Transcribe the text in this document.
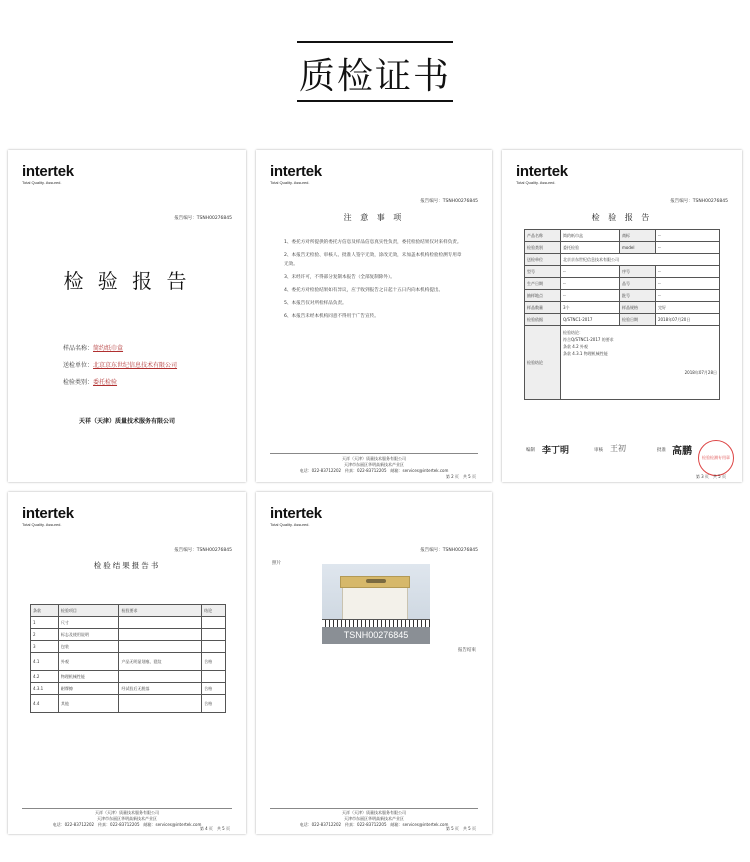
质检证书
intertek
Total Quality. Assured.
报告编号：TSNH00276845
检 验 报 告
样品名称：简约纸巾盒
送检单位：北京京东世纪信息技术有限公司
检验类别：委托检验
天祥（天津）质量技术服务有限公司
intertek
Total Quality. Assured.
报告编号：TSNH00276845
注 意 事 项
1、委托方对所提供的委托方信息及样品信息真实性负责，委托检验结果仅对来样负责。
2、本报告无检验、审核人、批准人签字无效，涂改无效，未加盖本机构检验检测专用章无效。
3、未经许可，不得部分复制本报告（全部复制除外）。
4、委托方对检验结果如有异议，应于收到报告之日起十五日内向本机构提出。
5、本报告仅对所检样品负责。
6、本报告未经本机构同意不得用于广告宣传。
天祥（天津）质量技术服务有限公司
天津市东丽区华明高新技术产业区
电话：022-83712202　传真：022-83712205　邮箱：services@intertek.com
第 2 页　共 5 页
intertek
Total Quality. Assured.
报告编号：TSNH00276845
检 验 报 告
产品名称	简约纸巾盒	商标	--
检验类别	委托检验	model	--
送检单位	北京京东世纪信息技术有限公司		
型号	--	序号	--
生产日期	--	品号	--
抽样地点	--	批号	--
样品数量	3个	样品规格	完好
检验依据	Q/STNC1-2017	检验日期	2018年07月20日
检验结论	检验结论：
符合Q/STNC1-2017 的要求
条款 4.2 外观
条款 4.3.1 物理机械性能
2018年07月28日		
编制 李丁明	审核 王初	批准 高鹏
检验检测专用章
第 3 页　共 5 页
intertek
Total Quality. Assured.
报告编号：TSNH00276845
检验结果报告书
条款	检验项目	检验要求	结论
1	尺寸		
2	标志及使用说明		
3	包装		
4.1	外观	产品无明显划痕、裂纹	合格
4.2	物理机械性能		
4.3.1	耐摩擦	经试验后无脱落	合格
4.4	其他		合格
天祥（天津）质量技术服务有限公司
天津市东丽区华明高新技术产业区
电话：022-83712202　传真：022-83712205　邮箱：services@intertek.com
第 4 页　共 5 页
intertek
Total Quality. Assured.
报告编号：TSNH00276845
照片
TSNH00276845
报告结束
天祥（天津）质量技术服务有限公司
天津市东丽区华明高新技术产业区
电话：022-83712202　传真：022-83712205　邮箱：services@intertek.com
第 5 页　共 5 页
